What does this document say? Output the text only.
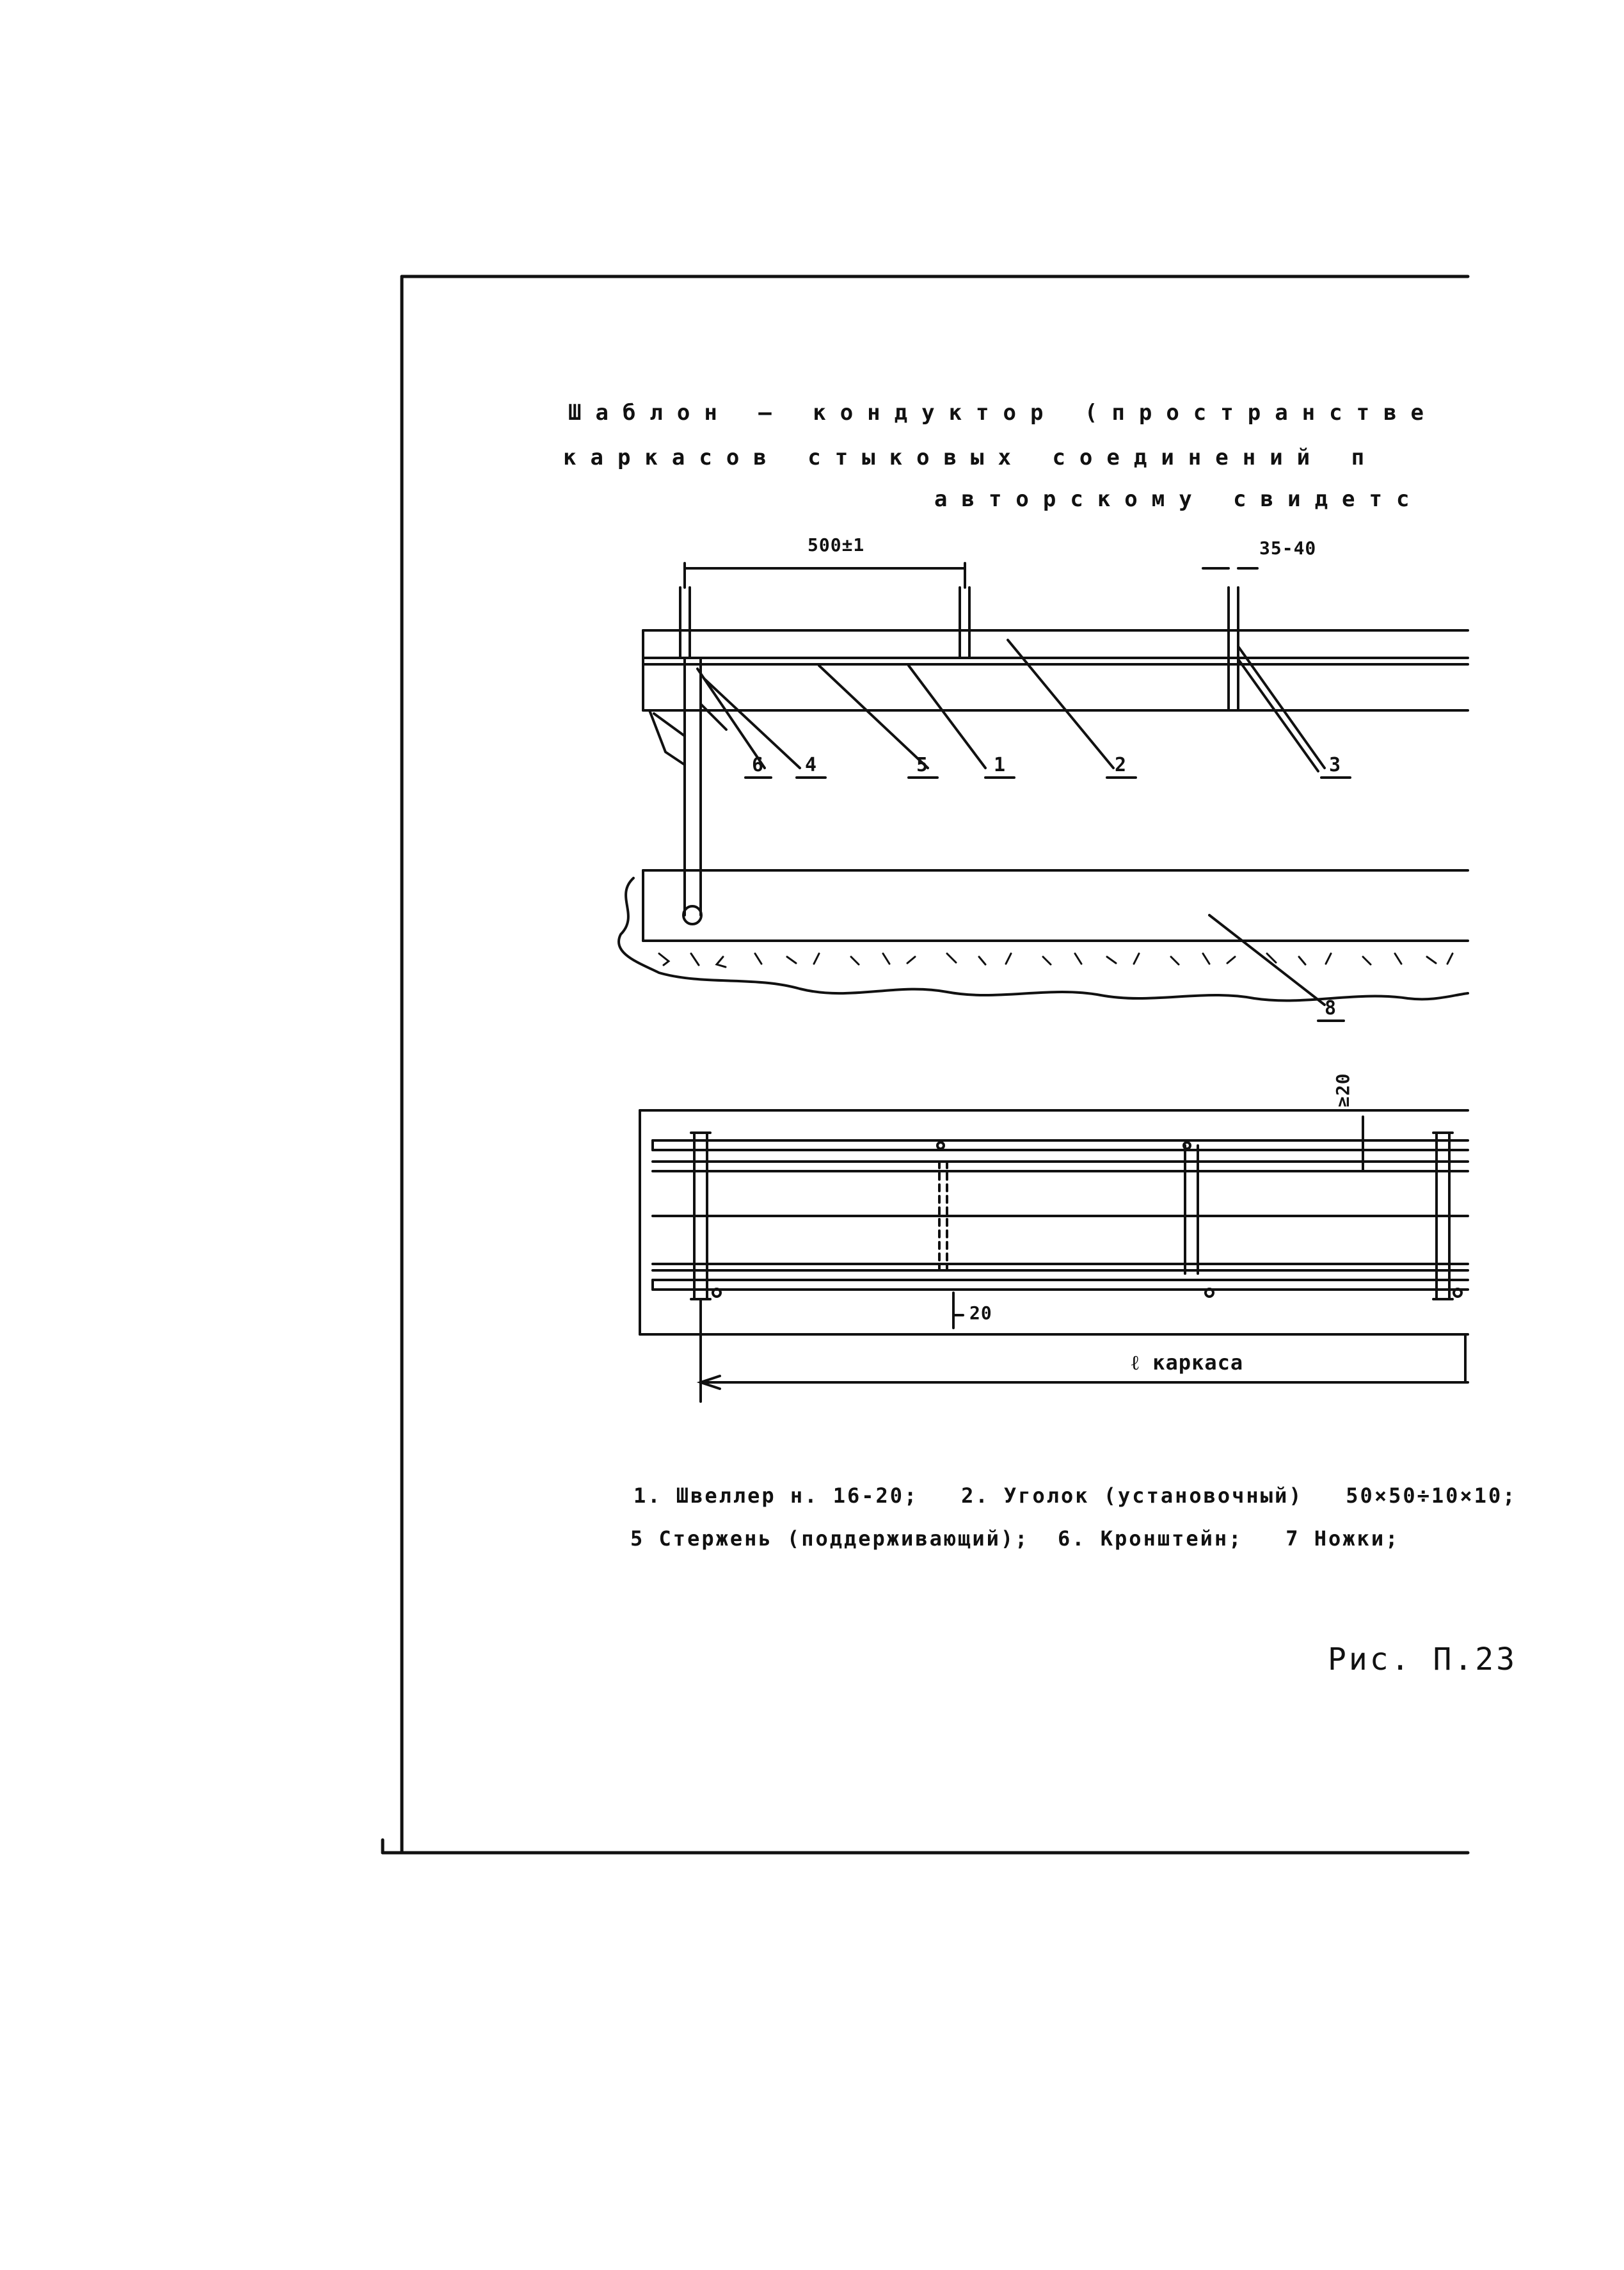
Шаблон — кондуктор (пространстве
каркасов стыковых соединений п
авторскому свидетс
500±1	35-40
≥20
20
ℓ каркаса
6 4	5	1	2	3
8
1. Швеллер н. 16-20;   2. Уголок (установочный)   50×50÷10×10;
5 Стержень (поддерживающий);  6. Кронштейн;   7 Ножки;
Рис. П.23
